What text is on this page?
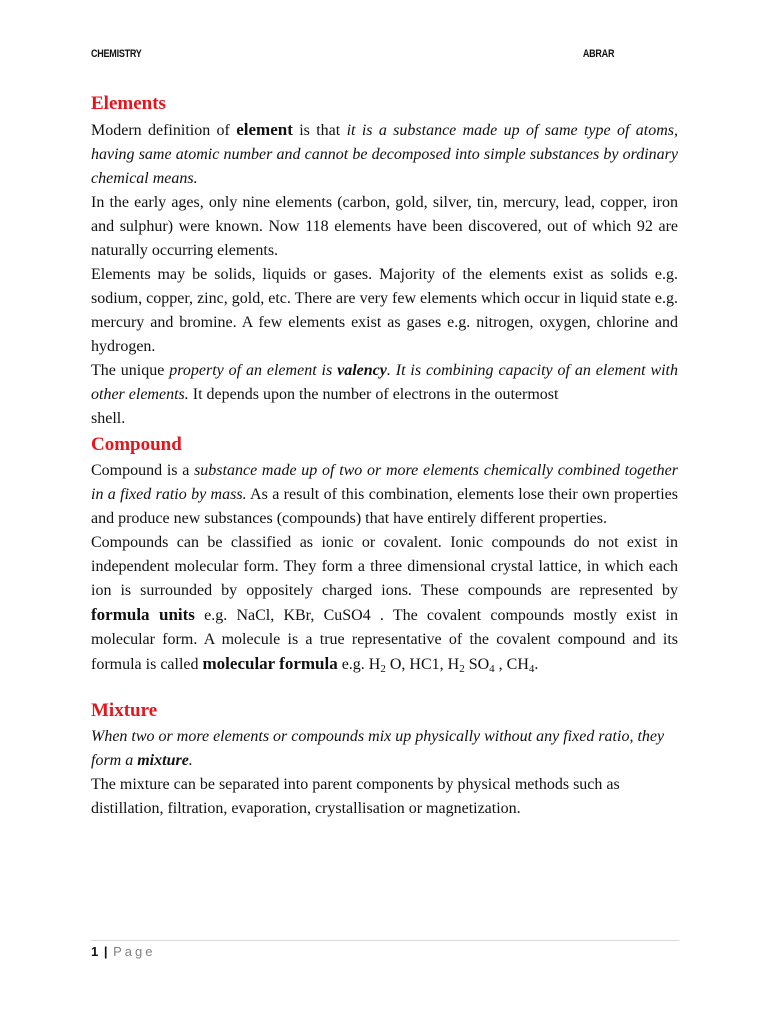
CHEMISTRY	ABRAR
Elements

Modern definition of element is that it is a substance made up of same type of atoms, having same atomic number and cannot be decomposed into simple substances by ordinary chemical means.

In the early ages, only nine elements (carbon, gold, silver, tin, mercury, lead, copper, iron and sulphur) were known. Now 118 elements have been discovered, out of which 92 are naturally occurring elements.

Elements may be solids, liquids or gases. Majority of the elements exist as solids e.g. sodium, copper, zinc, gold, etc. There are very few elements which occur in liquid state e.g. mercury and bromine. A few elements exist as gases e.g. nitrogen, oxygen, chlorine and hydrogen.

The unique property of an element is valency. It is combining capacity of an element with other elements. It depends upon the number of electrons in the outermost

shell.

Compound

Compound is a substance made up of two or more elements chemically combined together in a fixed ratio by mass. As a result of this combination, elements lose their own properties and produce new substances (compounds) that have entirely different properties.

Compounds can be classified as ionic or covalent. Ionic compounds do not exist in independent molecular form. They form a three dimensional crystal lattice, in which each ion is surrounded by oppositely charged ions. These compounds are represented by formula units e.g. NaCl, KBr, CuSO4 . The covalent compounds mostly exist in molecular form. A molecule is a true representative of the covalent compound and its formula is called molecular formula e.g. $H_2$ O, HC1, $H_2$ $SO_4$ , $CH_4$.

Mixture

When two or more elements or compounds mix up physically without any fixed ratio, they form a mixture.

The mixture can be separated into parent components by physical methods such as distillation, filtration, evaporation, crystallisation or magnetization.

1 | Page
